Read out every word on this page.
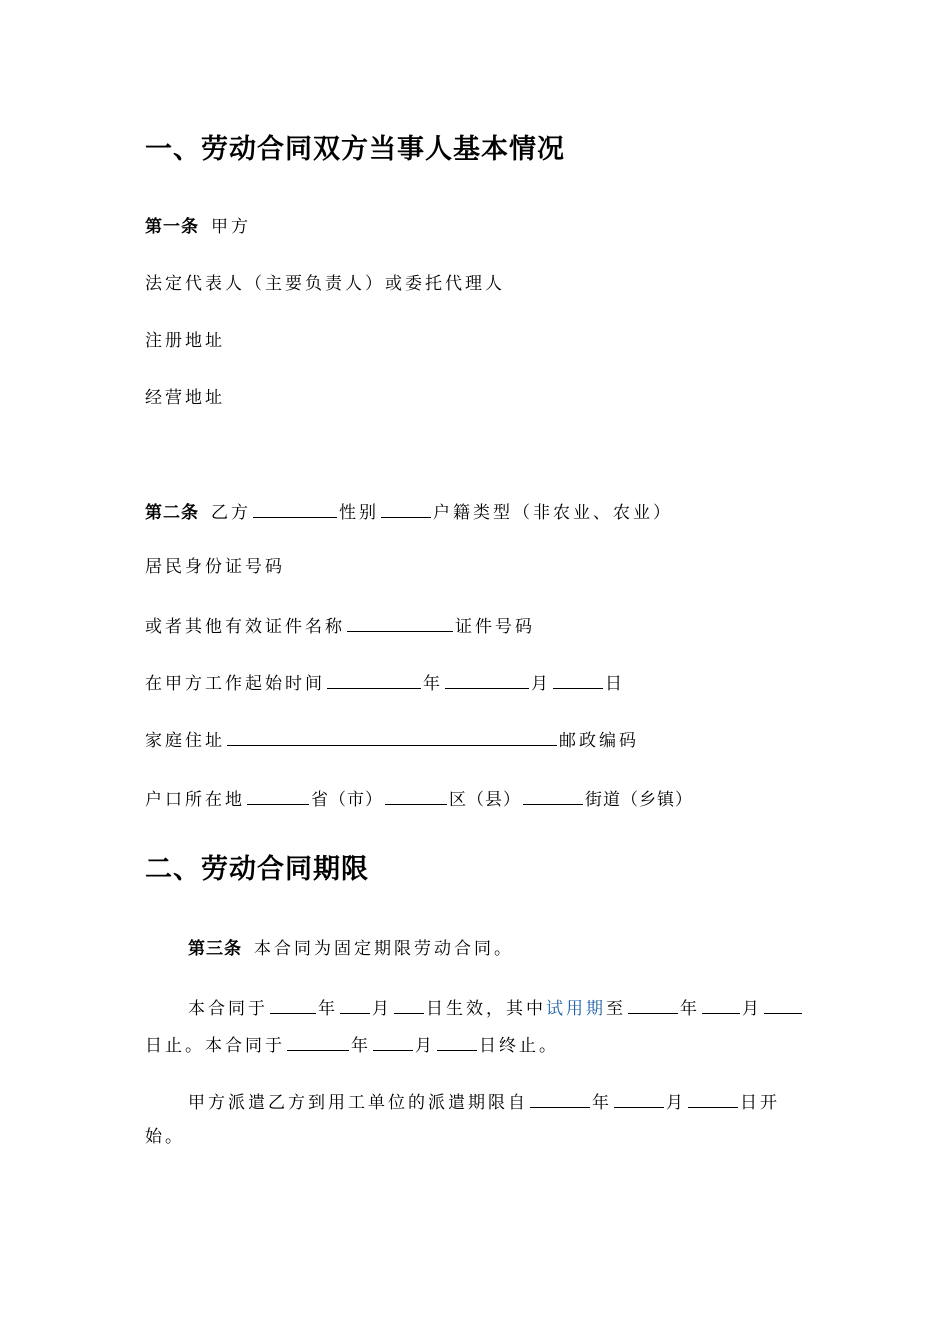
一、劳动合同双方当事人基本情况

第一条 甲方

法定代表人（主要负责人）或委托代理人

注册地址

经营地址

第二条 乙方	性别	户籍类型（非农业、农业）

居民身份证号码

或者其他有效证件名称	证件号码

在甲方工作起始时间	年	月	日

家庭住址	邮政编码

户口所在地	省（市）	区（县）	街道（乡镇）

二、劳动合同期限

第三条 本合同为固定期限劳动合同。

本合同于	年 月 日生效，其中试用期至	年 月

日止。本合同于	年	月	日终止。

甲方派遣乙方到用工单位的派遣期限自	年	月	日开

始。
